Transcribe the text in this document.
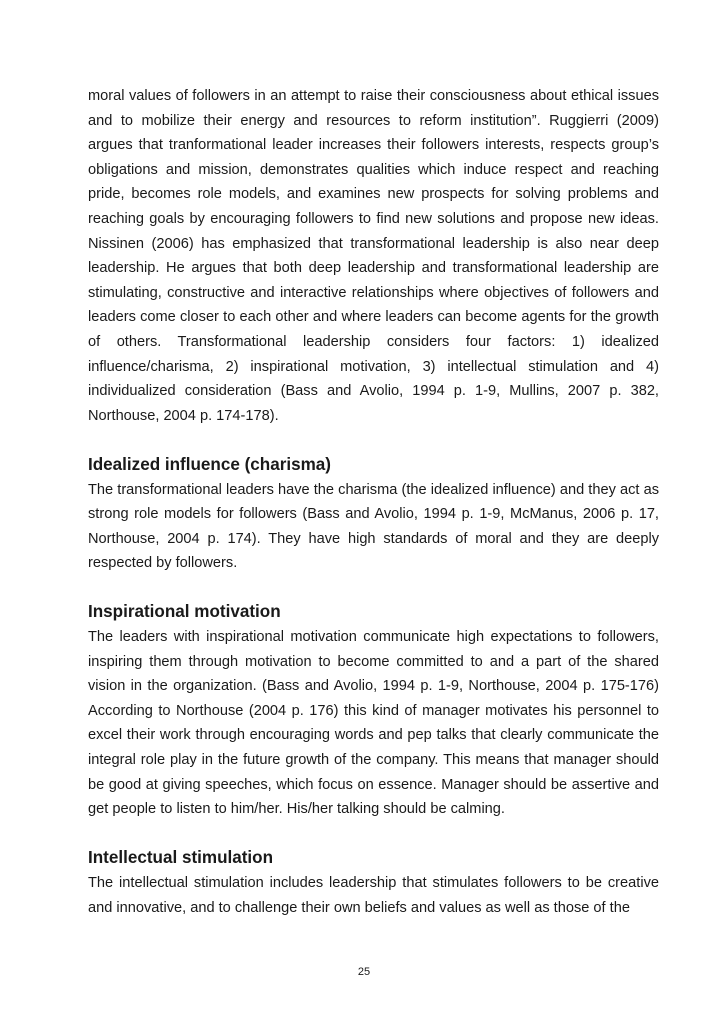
moral values of followers in an attempt to raise their consciousness about ethical issues and to mobilize their energy and resources to reform institution”. Ruggierri (2009) argues that tranformational leader increases their followers interests, respects group’s obligations and mission, demonstrates qualities which induce respect and reaching pride, becomes role models, and examines new prospects for solving problems and reaching goals by encouraging followers to find new solutions and propose new ideas. Nissinen (2006) has emphasized that transformational leadership is also near deep leadership. He argues that both deep leadership and transformational leadership are stimulating, constructive and interactive relationships where objectives of followers and leaders come closer to each other and where leaders can become agents for the growth of others. Transformational leadership considers four factors: 1) idealized influence/charisma, 2) inspirational motivation, 3) intellectual stimulation and 4) individualized consideration (Bass and Avolio, 1994 p. 1-9, Mullins, 2007 p. 382, Northouse, 2004 p. 174-178).

Idealized influence (charisma)

The transformational leaders have the charisma (the idealized influence) and they act as strong role models for followers (Bass and Avolio, 1994 p. 1-9, McManus, 2006 p. 17, Northouse, 2004 p. 174). They have high standards of moral and they are deeply respected by followers.

Inspirational motivation

The leaders with inspirational motivation communicate high expectations to followers, inspiring them through motivation to become committed to and a part of the shared vision in the organization. (Bass and Avolio, 1994 p. 1-9, Northouse, 2004 p. 175-176) According to Northouse (2004 p. 176) this kind of manager motivates his personnel to excel their work through encouraging words and pep talks that clearly communicate the integral role play in the future growth of the company. This means that manager should be good at giving speeches, which focus on essence. Manager should be assertive and get people to listen to him/her. His/her talking should be calming.

Intellectual stimulation

The intellectual stimulation includes leadership that stimulates followers to be creative and innovative, and to challenge their own beliefs and values as well as those of the

25
